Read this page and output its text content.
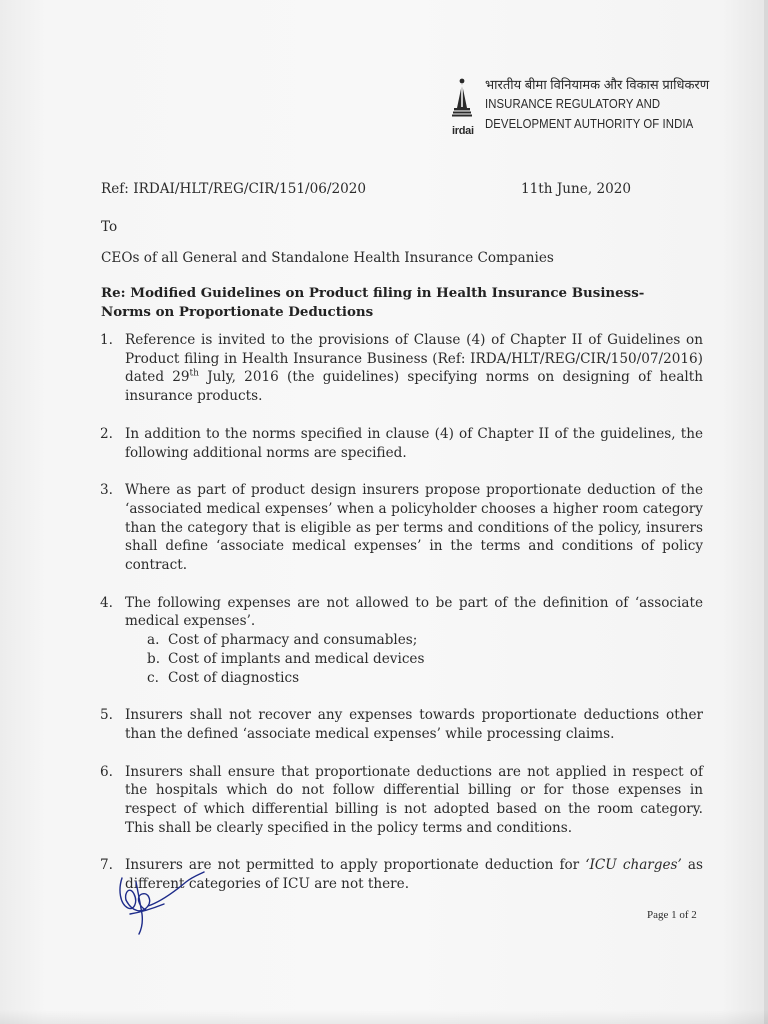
irdai
भारतीय बीमा विनियामक और विकास प्राधिकरण
INSURANCE REGULATORY AND
DEVELOPMENT AUTHORITY OF INDIA
Ref: IRDAI/HLT/REG/CIR/151/06/2020	11th June, 2020
To
CEOs of all General and Standalone Health Insurance Companies
Re: Modified Guidelines on Product filing in Health Insurance Business-
Norms on Proportionate Deductions
1. Reference is invited to the provisions of Clause (4) of Chapter II of Guidelines on Product filing in Health Insurance Business (Ref: IRDA/HLT/REG/CIR/150/07/2016) dated 29th July, 2016 (the guidelines) specifying norms on designing of health insurance products.
2. In addition to the norms specified in clause (4) of Chapter II of the guidelines, the following additional norms are specified.
3. Where as part of product design insurers propose proportionate deduction of the ‘associated medical expenses’ when a policyholder chooses a higher room category than the category that is eligible as per terms and conditions of the policy, insurers shall define ‘associate medical expenses’ in the terms and conditions of policy contract.
4. The following expenses are not allowed to be part of the definition of ‘associate medical expenses’.
a. Cost of pharmacy and consumables;
b. Cost of implants and medical devices
c. Cost of diagnostics
5. Insurers shall not recover any expenses towards proportionate deductions other than the defined ‘associate medical expenses’ while processing claims.
6. Insurers shall ensure that proportionate deductions are not applied in respect of the hospitals which do not follow differential billing or for those expenses in respect of which differential billing is not adopted based on the room category. This shall be clearly specified in the policy terms and conditions.
7. Insurers are not permitted to apply proportionate deduction for ‘ICU charges’ as different categories of ICU are not there.
Page 1 of 2
